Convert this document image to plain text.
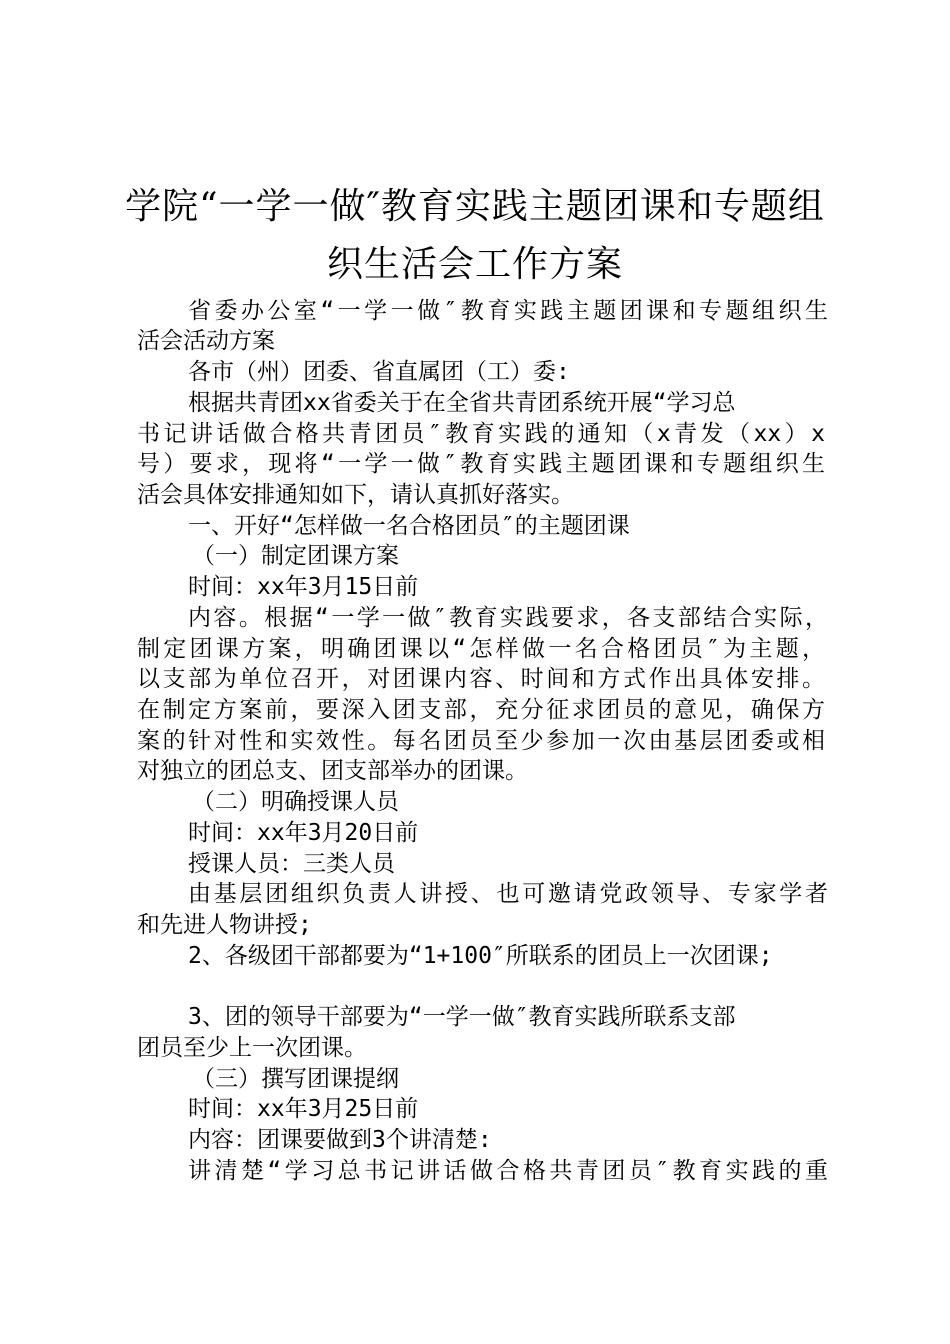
学院“一学一做″教育实践主题团课和专题组
织生活会工作方案
省委办公室“一学一做″教育实践主题团课和专题组织生
活会活动方案
各市（州）团委、省直属团（工）委:
根据共青团xx省委关于在全省共青团系统开展“学习总
书记讲话做合格共青团员″教育实践的通知（x青发（xx）x
号）要求，现将“一学一做″教育实践主题团课和专题组织生
活会具体安排通知如下，请认真抓好落实。
一、开好“怎样做一名合格团员″的主题团课
（一）制定团课方案
时间：xx年3月15日前
内容。根据“一学一做″教育实践要求，各支部结合实际，
制定团课方案，明确团课以“怎样做一名合格团员″为主题，
以支部为单位召开，对团课内容、时间和方式作出具体安排。
在制定方案前，要深入团支部，充分征求团员的意见，确保方
案的针对性和实效性。每名团员至少参加一次由基层团委或相
对独立的团总支、团支部举办的团课。
（二）明确授课人员
时间：xx年3月20日前
授课人员：三类人员
由基层团组织负责人讲授、也可邀请党政领导、专家学者
和先进人物讲授;
2、各级团干部都要为“1+100″所联系的团员上一次团课;
3、团的领导干部要为“一学一做″教育实践所联系支部
团员至少上一次团课。
（三）撰写团课提纲
时间：xx年3月25日前
内容：团课要做到3个讲清楚:
讲清楚“学习总书记讲话做合格共青团员″教育实践的重
